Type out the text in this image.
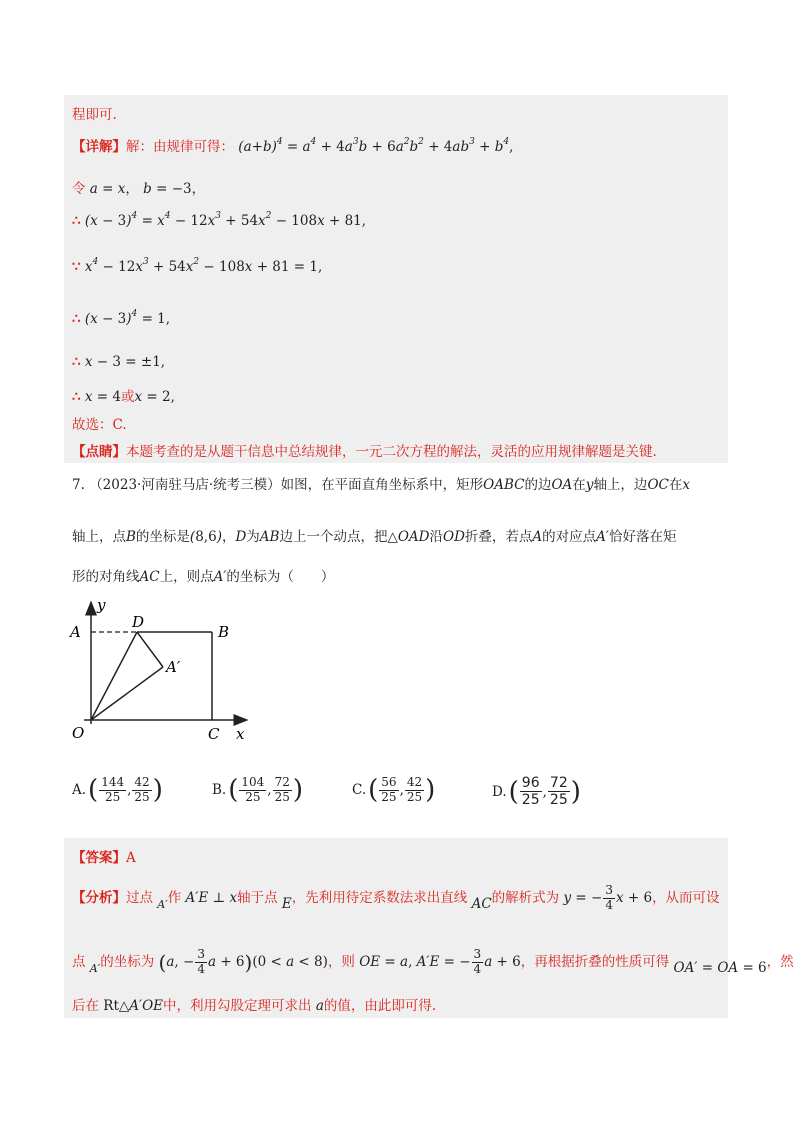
程即可.
【详解】解：由规律可得： $(a+b)^4 = a^4 + 4a^3b + 6a^2b^2 + 4ab^3 + b^4$,
令 a = x， b = −3，
∴ $(x - 3)^4 = x^4 - 12x^3 + 54x^2 - 108x + 81$,
∵ $x^4 - 12x^3 + 54x^2 - 108x + 81 = 1$,
∴ $(x - 3)^4 = 1$,
∴ x − 3 = ±1,
∴ x = 4或x = 2,
故选：C.
【点睛】本题考查的是从题干信息中总结规律，一元二次方程的解法，灵活的应用规律解题是关键.
7. （2023·河南驻马店·统考三模）如图，在平面直角坐标系中，矩形OABC的边OA在y轴上，边OC在x
轴上，点B的坐标是(8,6)，D为AB边上一个动点，把△OAD沿OD折叠，若点A的对应点A′恰好落在矩
形的对角线AC上，则点A′的坐标为（　　）
y
A
D
B
A′
O	C x
A. ( $\frac{144}{25}$ , $\frac{42}{25}$ )	B. ( $\frac{104}{25}$ , $\frac{72}{25}$ )	C. ( $\frac{56}{25}$ , $\frac{42}{25}$ )	D. ( $\frac{96}{25}$ , $\frac{72}{25}$ )
【答案】A
【分析】过点 $_{A'}$作 A′E ⊥ x轴于点 E，先利用待定系数法求出直线 AC的解析式为 y = − $\frac{3}{4}$ x + 6，从而可设
点 $_{A'}$的坐标为 (a, − $\frac{3}{4}$ a + 6)(0 < a < 8)，则 OE = a, A′E = − $\frac{3}{4}$ a + 6，再根据折叠的性质可得 OA′ = OA = 6，然
后在 Rt△A′OE中，利用勾股定理可求出 a的值，由此即可得.
